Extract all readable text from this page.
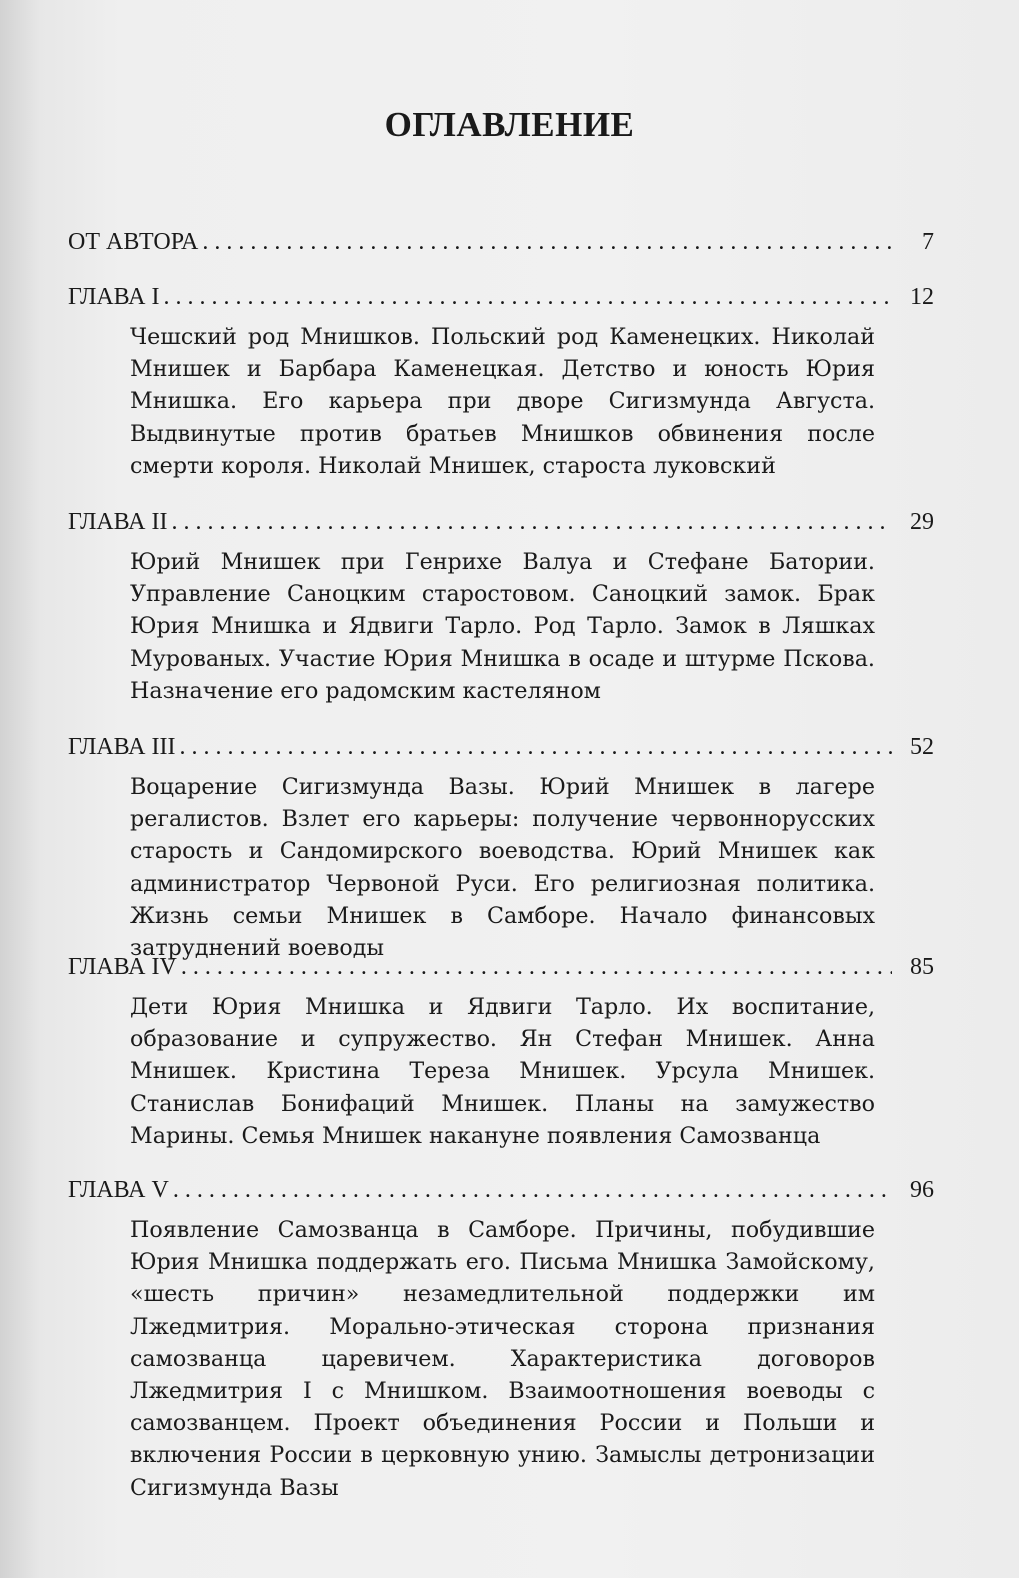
ОГЛАВЛЕНИЕ
ОТ АВТОРА . . .	7
ГЛАВА I . . .	12

Чешский род Мнишков. Польский род Каменецких. Николай Мнишек и Барбара Каменецкая. Детство и юность Юрия Мнишка. Его карьера при дворе Сигизмунда Августа. Выдвинутые против братьев Мнишков обвинения после смерти короля. Николай Мнишек, староста луковский

ГЛАВА II . . .	29

Юрий Мнишек при Генрихе Валуа и Стефане Батории. Управление Саноцким старостовом. Саноцкий замок. Брак Юрия Мнишка и Ядвиги Тарло. Род Тарло. Замок в Ляшках Мурованых. Участие Юрия Мнишка в осаде и штурме Пскова. Назначение его радомским кастеляном

ГЛАВА III . . .	52

Воцарение Сигизмунда Вазы. Юрий Мнишек в лагере регалистов. Взлет его карьеры: получение червоннорусских старость и Сандомирского воеводства. Юрий Мнишек как администратор Червоной Руси. Его религиозная политика. Жизнь семьи Мнишек в Самборе. Начало финансовых затруднений воеводы

ГЛАВА IV . . .	85

Дети Юрия Мнишка и Ядвиги Тарло. Их воспитание, образование и супружество. Ян Стефан Мнишек. Анна Мнишек. Кристина Тереза Мнишек. Урсула Мнишек. Станислав Бонифаций Мнишек. Планы на замужество Марины. Семья Мнишек накануне появления Самозванца

ГЛАВА V . . .	96

Появление Самозванца в Самборе. Причины, побудившие Юрия Мнишка поддержать его. Письма Мнишка Замойскому, «шесть причин» незамедлительной поддержки им Лжедмитрия. Морально-этическая сторона признания самозванца царевичем. Характеристика договоров Лжедмитрия I с Мнишком. Взаимоотношения воеводы с самозванцем. Проект объединения России и Польши и включения России в церковную унию. Замыслы детронизации Сигизмунда Вазы
